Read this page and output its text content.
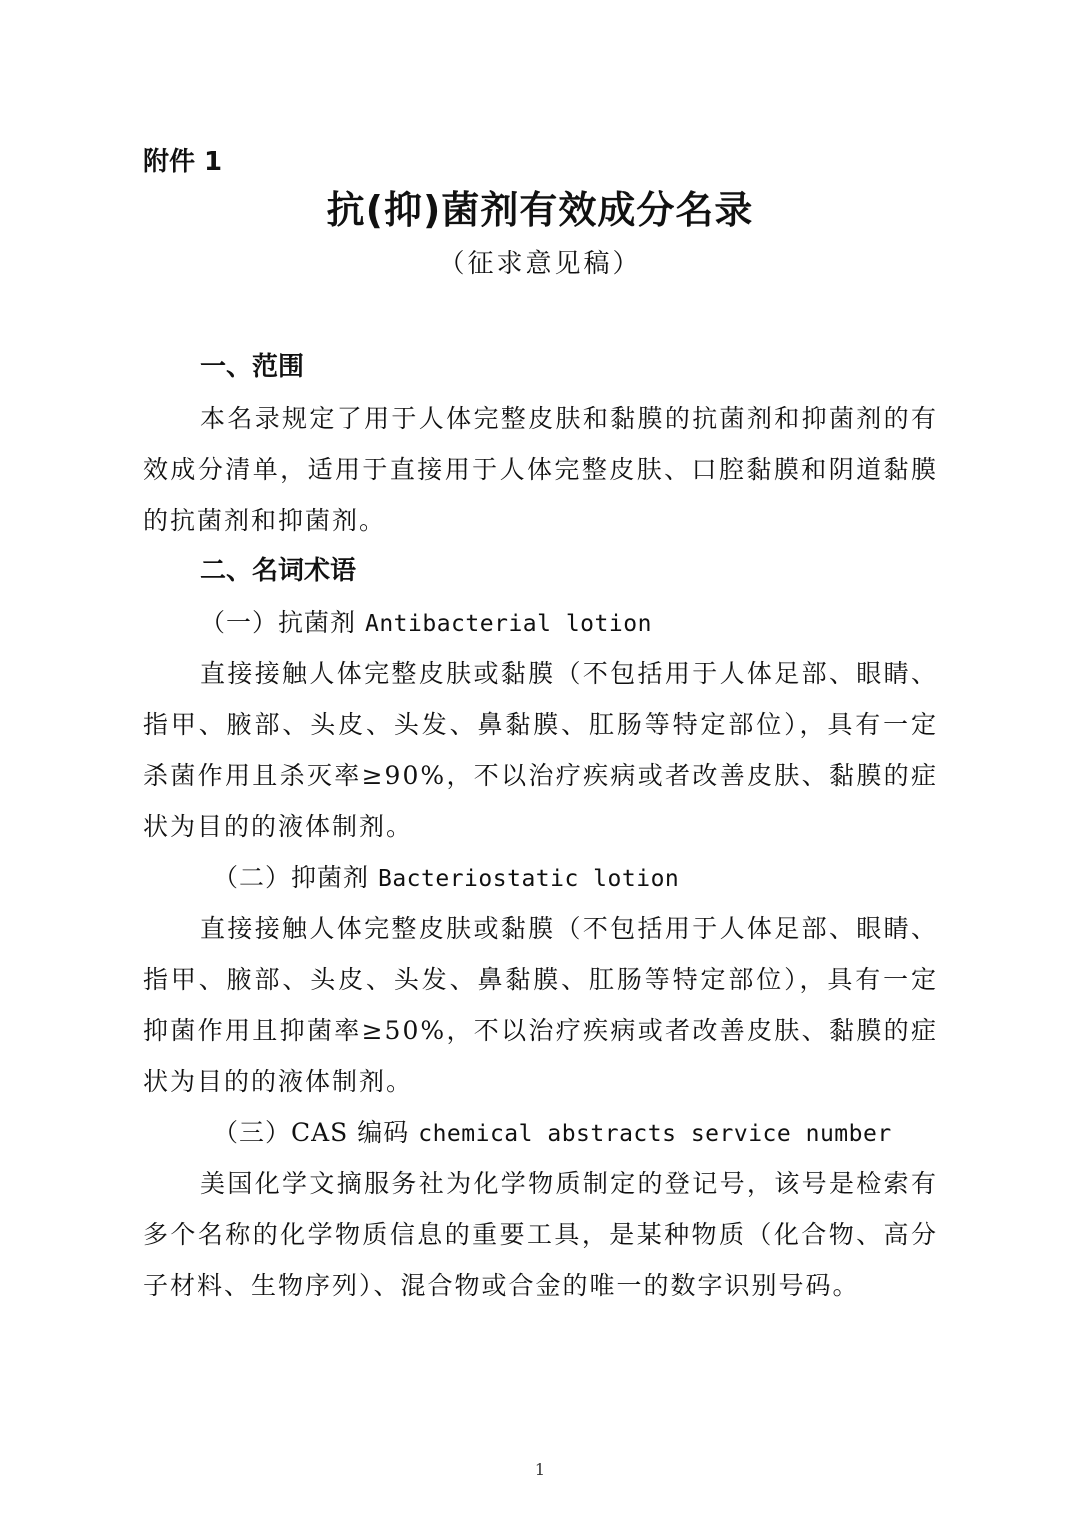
附件 1
抗(抑)菌剂有效成分名录
（征求意见稿）
一、范围

本名录规定了用于人体完整皮肤和黏膜的抗菌剂和抑菌剂的有效成分清单，适用于直接用于人体完整皮肤、口腔黏膜和阴道黏膜的抗菌剂和抑菌剂。

二、名词术语
（一）抗菌剂 Antibacterial lotion

直接接触人体完整皮肤或黏膜（不包括用于人体足部、眼睛、指甲、腋部、头皮、头发、鼻黏膜、肛肠等特定部位），具有一定杀菌作用且杀灭率≥90%，不以治疗疾病或者改善皮肤、黏膜的症状为目的的液体制剂。

（二）抑菌剂 Bacteriostatic lotion

直接接触人体完整皮肤或黏膜（不包括用于人体足部、眼睛、指甲、腋部、头皮、头发、鼻黏膜、肛肠等特定部位），具有一定抑菌作用且抑菌率≥50%，不以治疗疾病或者改善皮肤、黏膜的症状为目的的液体制剂。

（三）CAS 编码 chemical abstracts service number

美国化学文摘服务社为化学物质制定的登记号，该号是检索有多个名称的化学物质信息的重要工具，是某种物质（化合物、高分子材料、生物序列）、混合物或合金的唯一的数字识别号码。

1
